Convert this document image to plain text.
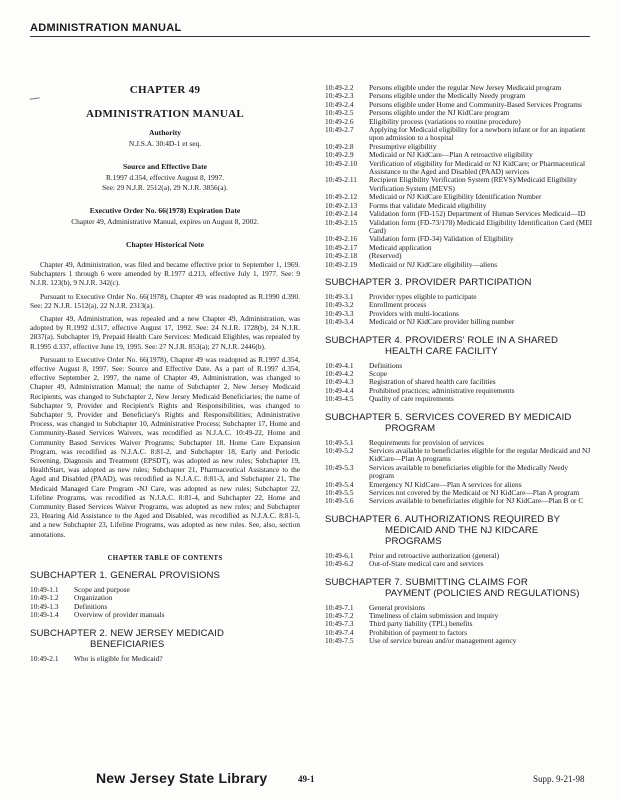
ADMINISTRATION MANUAL

CHAPTER 49

ADMINISTRATION MANUAL

Authority

N.J.S.A. 30:4D-1 et seq.

Source and Effective Date

R.1997 d.354, effective August 8, 1997.

See: 29 N.J.R. 2512(a), 29 N.J.R. 3856(a).

Executive Order No. 66(1978) Expiration Date

Chapter 49, Administrative Manual, expires on August 8, 2002.

Chapter Historical Note

Chapter 49, Administration, was filed and became effective prior to September 1, 1969. Subchapters 1 through 6 were amended by R.1977 d.213, effective July 1, 1977. See: 9 N.J.R. 123(b), 9 N.J.R. 342(c).

Pursuant to Executive Order No. 66(1978), Chapter 49 was readopted as R.1990 d.390. See: 22 N.J.R. 1512(a), 22 N.J.R. 2313(a).

Chapter 49, Administration, was repealed and a new Chapter 49, Administration, was adopted by R.1992 d.317, effective August 17, 1992. See: 24 N.J.R. 1728(b), 24 N.J.R. 2837(a). Subchapter 19, Prepaid Health Care Services: Medicaid Eligibles, was repealed by R.1995 d.337, effective June 19, 1995. See: 27 N.J.R. 853(a); 27 N.J.R. 2446(b).

Pursuant to Executive Order No. 66(1978), Chapter 49 was readopted as R.1997 d.354, effective August 8, 1997. See: Source and Effective Date. As a part of R.1997 d.354, effective September 2, 1997, the name of Chapter 49, Administration, was changed to Chapter 49, Administration Manual; the name of Subchapter 2, New Jersey Medicaid Recipients, was changed to Subchapter 2, New Jersey Medicaid Beneficiaries; the name of Subchapter 9, Provider and Recipient's Rights and Responsibilities, was changed to Subchapter 9, Provider and Beneficiary's Rights and Responsibilities; Administrative Process, was changed to Subchapter 10, Administrative Process; Subchapter 17, Home and Community-Based Services Waivers, was recodified as N.J.A.C. 10:49-22, Home and Community Based Services Waiver Programs; Subchapter 18, Home Care Expansion Program, was recodified as N.J.A.C. 8:81-2, and Subchapter 18, Early and Periodic Screening, Diagnosis and Treatment (EPSDT), was adopted as new rules; Subchapter 19, HealthStart, was adopted as new rules; Subchapter 21, Pharmaceutical Assistance to the Aged and Disabled (PAAD), was recodified as N.J.A.C. 8:81-3, and Subchapter 21, The Medicaid Managed Care Program -NJ Care, was adopted as new rules; Subchapter 22, Lifeline Programs, was recodified as N.J.A.C. 8:81-4, and Subchapter 22, Home and Community Based Services Waiver Programs, was adopted as new rules; and Subchapter 23, Hearing Aid Assistance to the Aged and Disabled, was recodified as N.J.A.C. 8:81-5, and a new Subchapter 23, Lifeline Programs, was adopted as new rules. See, also, section annotations.

CHAPTER TABLE OF CONTENTS

SUBCHAPTER 1. GENERAL PROVISIONS
10:49-1.1	Scope and purpose
10:49-1.2	Organization
10:49-1.3	Definitions
10:49-1.4	Overview of provider manuals
SUBCHAPTER 2. NEW JERSEY MEDICAID
BENEFICIARIES
10:49-2.1	Who is eligible for Medicaid?
10:49-2.2	Persons eligible under the regular New Jersey Medicaid program
10:49-2.3	Persons eligible under the Medically Needy program
10:49-2.4	Persons eligible under Home and Community-Based Services Programs
10:49-2.5	Persons eligible under the NJ KidCare program
10:49-2.6	Eligibility process (variations to routine procedure)
10:49-2.7	Applying for Medicaid eligibility for a newborn infant or for an inpatient upon admission to a hospital
10:49-2.8	Presumptive eligibility
10:49-2.9	Medicaid or NJ KidCare—Plan A retroactive eligibility
10:49-2.10	Verification of eligibility for Medicaid or NJ KidCare; or Pharmaceutical Assistance to the Aged and Disabled (PAAD) services
10:49-2.11	Recipient Eligibility Verification System (REVS)/Medicaid Eligibility Verification System (MEVS)
10:49-2.12	Medicaid or NJ KidCare Eligibility Identification Number
10:49-2.13	Forms that validate Medicaid eligibility
10:49-2.14	Validation form (FD-152) Department of Human Services Medicaid—ID
10:49-2.15	Validation form (FD-73/178) Medicaid Eligibility Identification Card (MEI Card)
10:49-2.16	Validation form (FD-34) Validation of Eligibility
10:49-2.17	Medicaid application
10:49-2.18	(Reserved)
10:49-2.19	Medicaid or NJ KidCare eligibility—aliens
SUBCHAPTER 3. PROVIDER PARTICIPATION
10:49-3.1	Provider types eligible to participate
10:49-3.2	Enrollment process
10:49-3.3	Providers with multi-locations
10:49-3.4	Medicaid or NJ KidCare provider billing number
SUBCHAPTER 4. PROVIDERS' ROLE IN A SHARED
HEALTH CARE FACILITY
10:49-4.1	Definitions
10:49-4.2	Scope
10:49-4.3	Registration of shared health care facilities
10:49-4.4	Prohibited practices; administrative requirements
10:49-4.5	Quality of care requirements
SUBCHAPTER 5. SERVICES COVERED BY MEDICAID
PROGRAM
10:49-5.1	Requirements for provision of services
10:49-5.2	Services available to beneficiaries eligible for the regular Medicaid and NJ KidCare—Plan A programs
10:49-5.3	Services available to beneficiaries eligible for the Medically Needy program
10:49-5.4	Emergency NJ KidCare—Plan A services for aliens
10:49-5.5	Services not covered by the Medicaid or NJ KidCare—Plan A program
10:49-5.6	Services available to beneficiaries eligible for NJ KidCare—Plan B or C
SUBCHAPTER 6. AUTHORIZATIONS REQUIRED BY
MEDICAID AND THE NJ KIDCARE PROGRAMS
10:49-6.1	Prior and retroactive authorization (general)
10:49-6.2	Out-of-State medical care and services
SUBCHAPTER 7. SUBMITTING CLAIMS FOR
PAYMENT (POLICIES AND REGULATIONS)
10:49-7.1	General provisions
10:49-7.2	Timeliness of claim submission and inquiry
10:49-7.3	Third party liability (TPL) benefits
10:49-7.4	Prohibition of payment to factors
10:49-7.5	Use of service bureau and/or management agency
New Jersey State Library	49-1	Supp. 9-21-98
